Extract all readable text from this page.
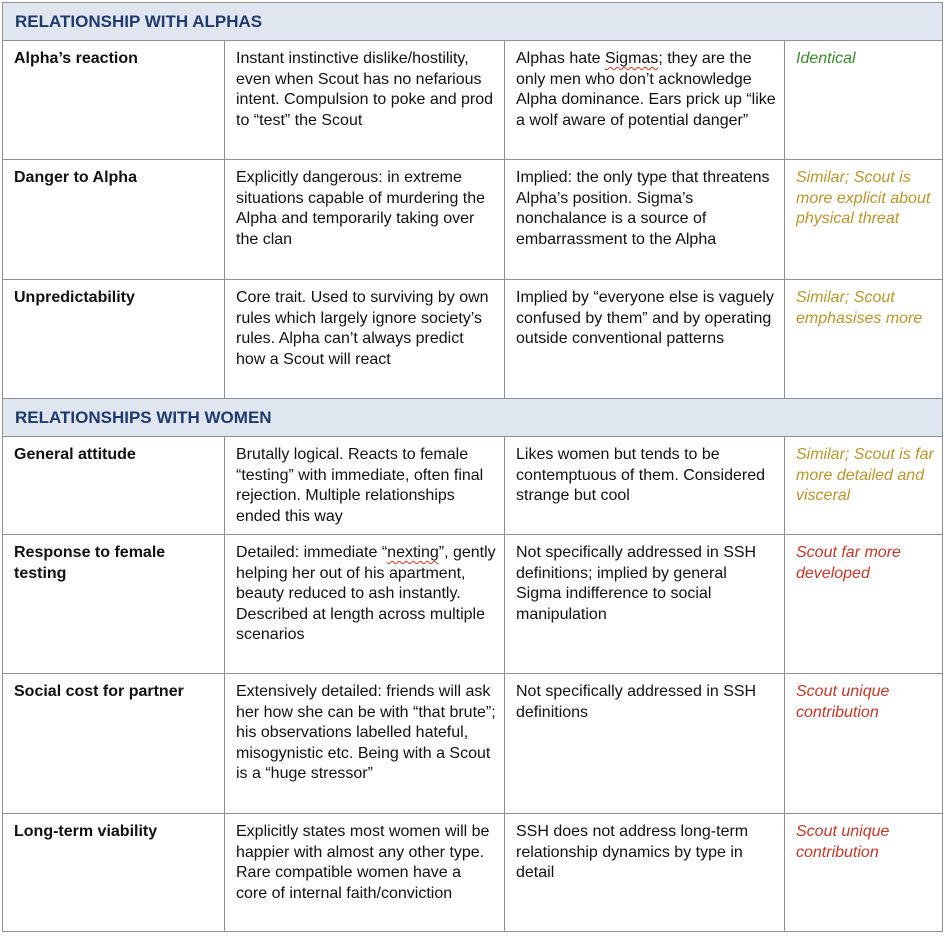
RELATIONSHIP WITH ALPHAS			
Alpha’s reaction	Instant instinctive dislike/hostility, even when Scout has no nefarious intent. Compulsion to poke and prod to “test” the Scout	Alphas hate Sigmas; they are the only men who don’t acknowledge Alpha dominance. Ears prick up “like a wolf aware of potential danger”	Identical
Danger to Alpha	Explicitly dangerous: in extreme situations capable of murdering the Alpha and temporarily taking over the clan	Implied: the only type that threatens Alpha’s position. Sigma’s nonchalance is a source of embarrassment to the Alpha	Similar; Scout is more explicit about physical threat
Unpredictability	Core trait. Used to surviving by own rules which largely ignore society’s rules. Alpha can’t always predict how a Scout will react	Implied by “everyone else is vaguely confused by them” and by operating outside conventional patterns	Similar; Scout emphasises more
RELATIONSHIPS WITH WOMEN			
General attitude	Brutally logical. Reacts to female “testing” with immediate, often final rejection. Multiple relationships ended this way	Likes women but tends to be contemptuous of them. Considered strange but cool	Similar; Scout is far more detailed and visceral
Response to female testing	Detailed: immediate “nexting”, gently helping her out of his apartment, beauty reduced to ash instantly. Described at length across multiple scenarios	Not specifically addressed in SSH definitions; implied by general Sigma indifference to social manipulation	Scout far more developed
Social cost for partner	Extensively detailed: friends will ask her how she can be with “that brute”; his observations labelled hateful, misogynistic etc. Being with a Scout is a “huge stressor”	Not specifically addressed in SSH definitions	Scout unique contribution
Long-term viability	Explicitly states most women will be happier with almost any other type. Rare compatible women have a core of internal faith/conviction	SSH does not address long-term relationship dynamics by type in detail	Scout unique contribution
